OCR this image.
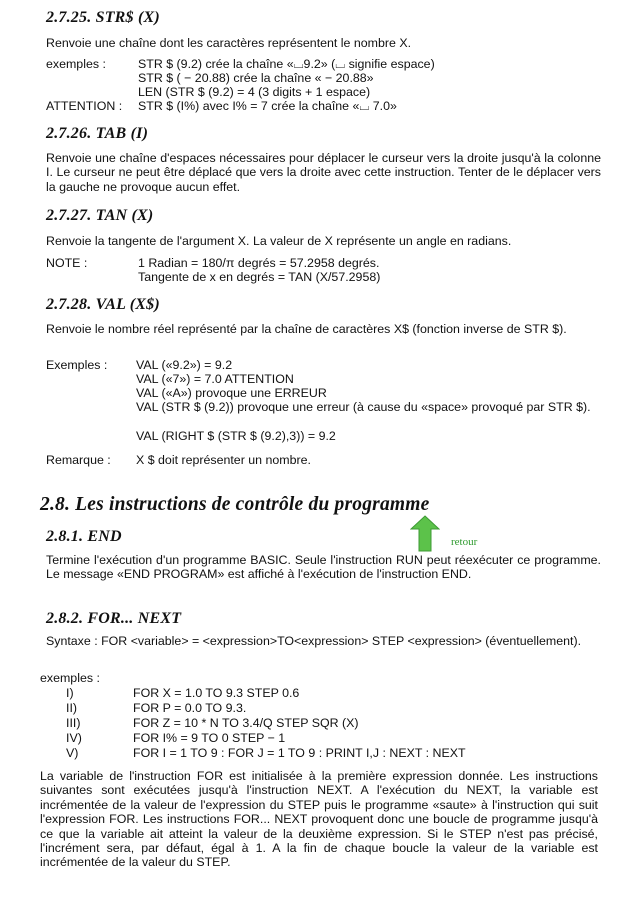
2.7.25. STR$ (X)
Renvoie une chaîne dont les caractères représentent le nombre X.
exemples :	STR $ (9.2) crée la chaîne «⌴9.2» (⌴ signifie espace)
STR $ ( − 20.88) crée la chaîne « − 20.88»
LEN (STR $ (9.2) = 4 (3 digits + 1 espace)
ATTENTION : STR $ (I%) avec I% = 7 crée la chaîne «⌴ 7.0»
2.7.26. TAB (I)
Renvoie une chaîne d'espaces nécessaires pour déplacer le curseur vers la droite jusqu'à la colonne I. Le curseur ne peut être déplacé que vers la droite avec cette instruction. Tenter de le déplacer vers la gauche ne provoque aucun effet.
2.7.27. TAN (X)
Renvoie la tangente de l'argument X. La valeur de X représente un angle en radians.
NOTE :	1 Radian = 180/π degrés = 57.2958 degrés.
Tangente de x en degrés = TAN (X/57.2958)
2.7.28. VAL (X$)
Renvoie le nombre réel représenté par la chaîne de caractères X$ (fonction inverse de STR $).
Exemples : VAL («9.2») = 9.2
VAL («7») = 7.0 ATTENTION
VAL («A») provoque une ERREUR
VAL (STR $ (9.2)) provoque une erreur (à cause du «space» provoqué par STR $).
VAL (RIGHT $ (STR $ (9.2),3)) = 9.2
Remarque : X $ doit représenter un nombre.
2.8. Les instructions de contrôle du programme
retour
2.8.1. END
Termine l'exécution d'un programme BASIC. Seule l'instruction RUN peut réexécuter ce programme. Le message «END PROGRAM» est affiché à l'exécution de l'instruction END.
2.8.2. FOR... NEXT
Syntaxe : FOR <variable> = <expression>TO<expression> STEP <expression> (éventuellement).
exemples :
I)	FOR X = 1.0 TO 9.3 STEP 0.6
II)	FOR P = 0.0 TO 9.3.
III)	FOR Z = 10 * N TO 3.4/Q STEP SQR (X)
IV)	FOR I% = 9 TO 0 STEP − 1
V)	FOR I = 1 TO 9 : FOR J = 1 TO 9 : PRINT I,J : NEXT : NEXT
La variable de l'instruction FOR est initialisée à la première expression donnée. Les instructions suivantes sont exécutées jusqu'à l'instruction NEXT. A l'exécution du NEXT, la variable est incrémentée de la valeur de l'expression du STEP puis le programme «saute» à l'instruction qui suit l'expression FOR. Les instructions FOR... NEXT provoquent donc une boucle de programme jusqu'à ce que la variable ait atteint la valeur de la deuxième expression. Si le STEP n'est pas précisé, l'incrément sera, par défaut, égal à 1. A la fin de chaque boucle la valeur de la variable est incrémentée de la valeur du STEP.
